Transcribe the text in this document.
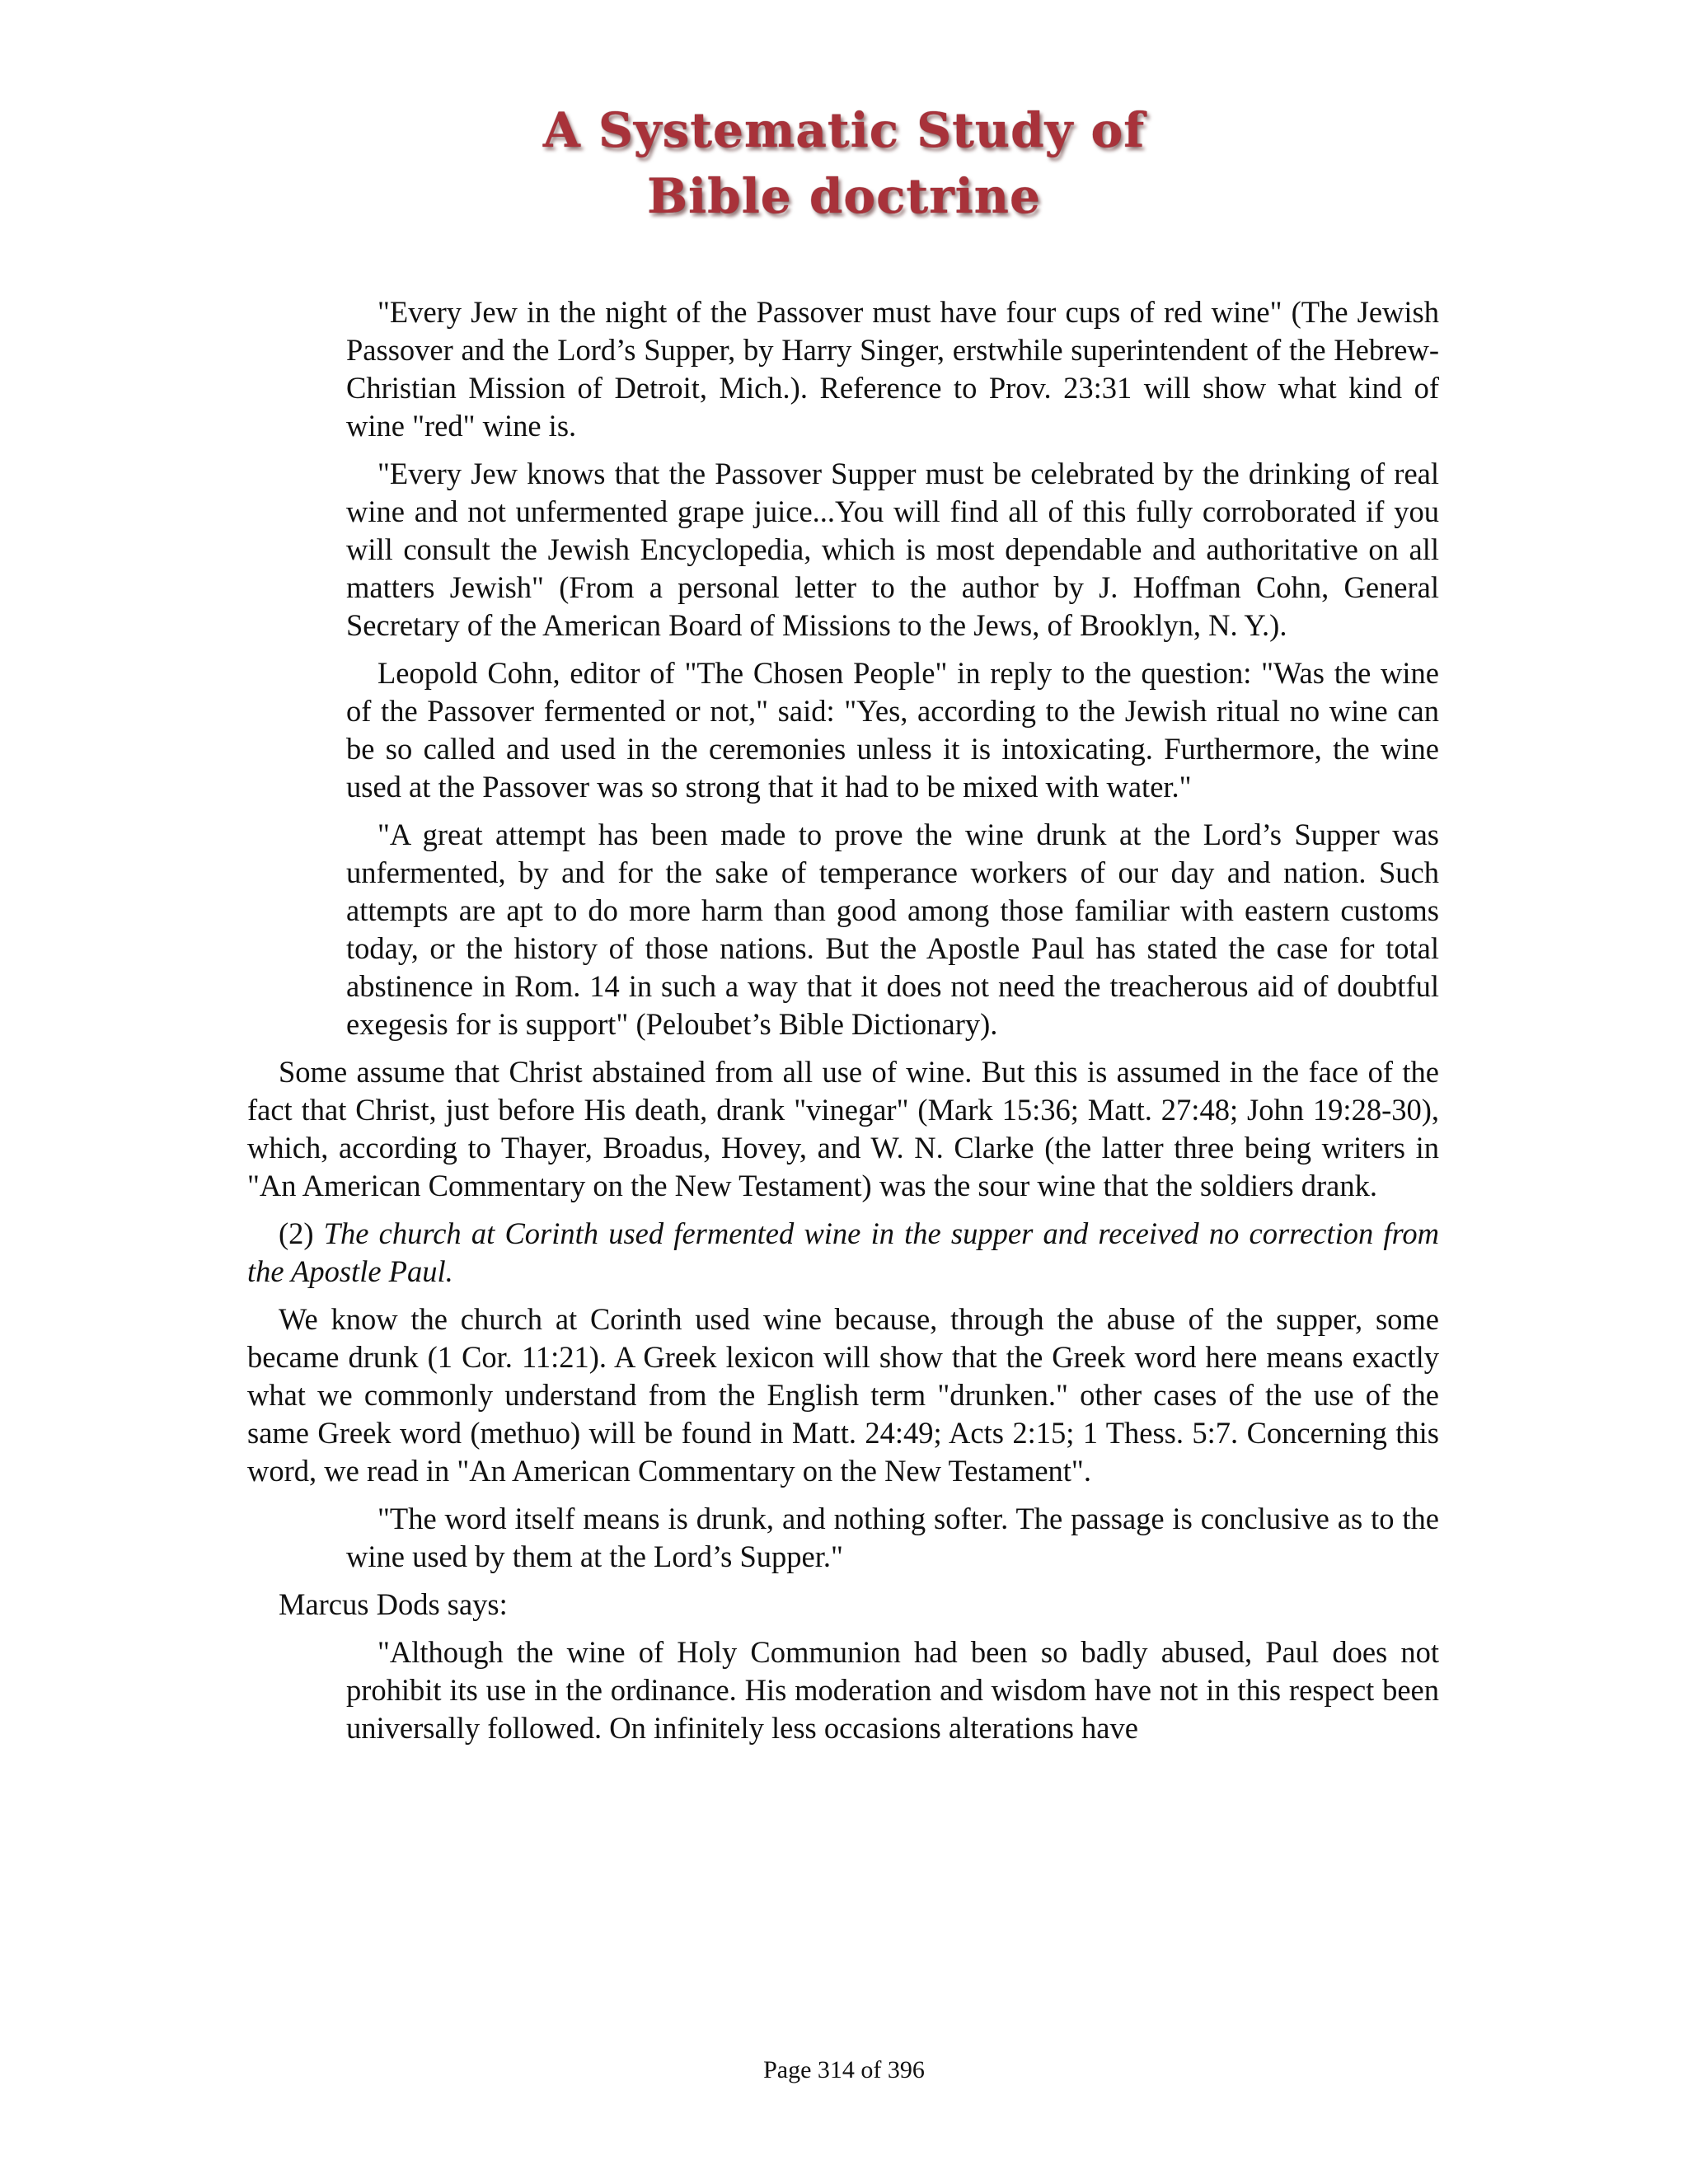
A Systematic Study of
Bible doctrine

"Every Jew in the night of the Passover must have four cups of red wine" (The Jewish Passover and the Lord’s Supper, by Harry Singer, erstwhile superintendent of the Hebrew-Christian Mission of Detroit, Mich.). Reference to Prov. 23:31 will show what kind of wine "red" wine is.

"Every Jew knows that the Passover Supper must be celebrated by the drinking of real wine and not unfermented grape juice...You will find all of this fully corroborated if you will consult the Jewish Encyclopedia, which is most dependable and authoritative on all matters Jewish" (From a personal letter to the author by J. Hoffman Cohn, General Secretary of the American Board of Missions to the Jews, of Brooklyn, N. Y.).

Leopold Cohn, editor of "The Chosen People" in reply to the question: "Was the wine of the Passover fermented or not," said: "Yes, according to the Jewish ritual no wine can be so called and used in the ceremonies unless it is intoxicating. Furthermore, the wine used at the Passover was so strong that it had to be mixed with water."

"A great attempt has been made to prove the wine drunk at the Lord’s Supper was unfermented, by and for the sake of temperance workers of our day and nation. Such attempts are apt to do more harm than good among those familiar with eastern customs today, or the history of those nations. But the Apostle Paul has stated the case for total abstinence in Rom. 14 in such a way that it does not need the treacherous aid of doubtful exegesis for is support" (Peloubet’s Bible Dictionary).

Some assume that Christ abstained from all use of wine. But this is assumed in the face of the fact that Christ, just before His death, drank "vinegar" (Mark 15:36; Matt. 27:48; John 19:28-30), which, according to Thayer, Broadus, Hovey, and W. N. Clarke (the latter three being writers in "An American Commentary on the New Testament) was the sour wine that the soldiers drank.

(2) The church at Corinth used fermented wine in the supper and received no correction from the Apostle Paul.

We know the church at Corinth used wine because, through the abuse of the supper, some became drunk (1 Cor. 11:21). A Greek lexicon will show that the Greek word here means exactly what we commonly understand from the English term "drunken." other cases of the use of the same Greek word (methuo) will be found in Matt. 24:49; Acts 2:15; 1 Thess. 5:7. Concerning this word, we read in "An American Commentary on the New Testament".

"The word itself means is drunk, and nothing softer. The passage is conclusive as to the wine used by them at the Lord’s Supper."

Marcus Dods says:

"Although the wine of Holy Communion had been so badly abused, Paul does not prohibit its use in the ordinance. His moderation and wisdom have not in this respect been universally followed. On infinitely less occasions alterations have

Page 314 of 396
